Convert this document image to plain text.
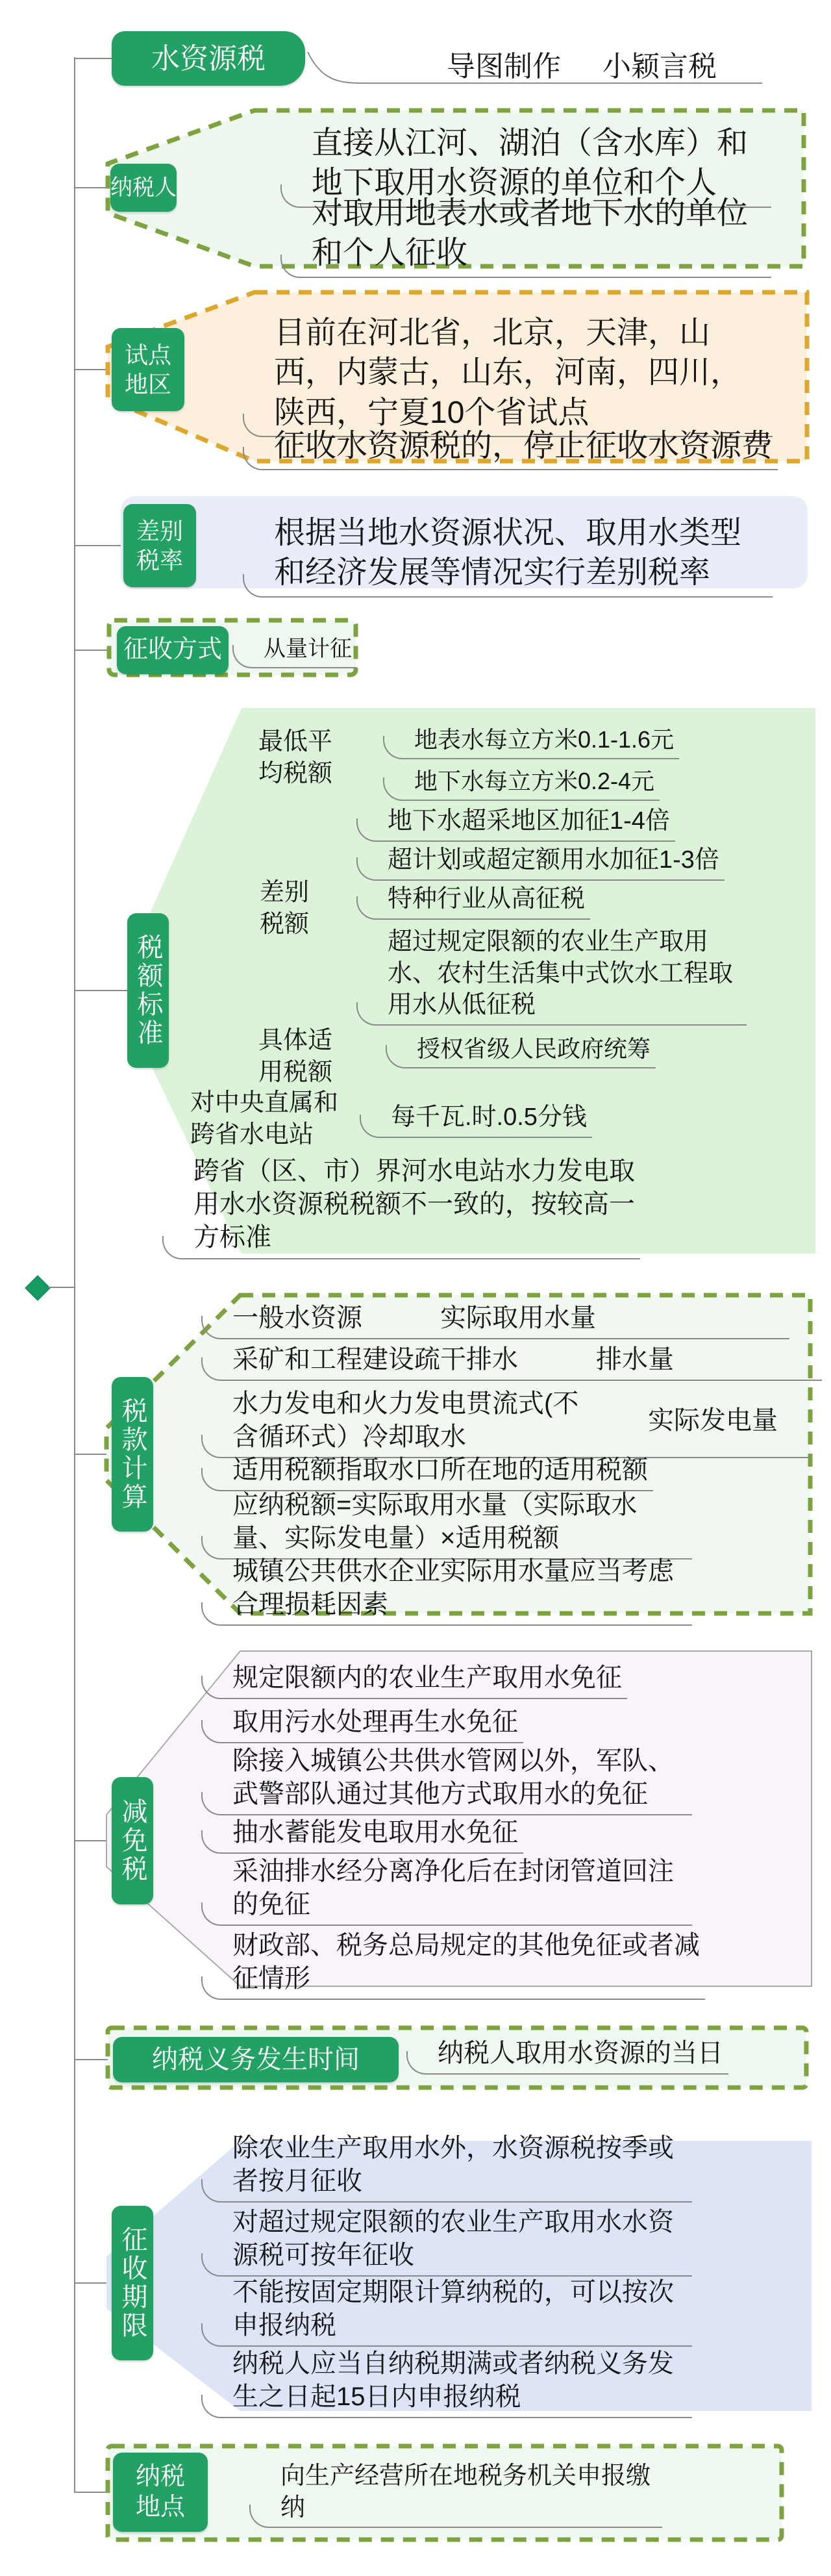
水资源税	导图制作 小颖言税
纳税人
直接从江河、湖泊（含水库）和地下取用水资源的单位和个人
对取用地表水或者地下水的单位和个人征收
试点地区
目前在河北省，北京，天津，山西，内蒙古，山东，河南，四川，陕西，宁夏10个省试点
征收水资源税的，停止征收水资源费
差别税率
根据当地水资源状况、取用水类型和经济发展等情况实行差别税率
征收方式 从量计征
税额标准
最低平均税额
地表水每立方米0.1-1.6元
地下水每立方米0.2-4元
差别税额
地下水超采地区加征1-4倍
超计划或超定额用水加征1-3倍
特种行业从高征税
超过规定限额的农业生产取用水、农村生活集中式饮水工程取用水从低征税
具体适用税额
授权省级人民政府统筹
对中央直属和跨省水电站
每千瓦.时.0.5分钱
跨省（区、市）界河水电站水力发电取用水水资源税税额不一致的，按较高一方标准
税款计算
一般水资源	实际取用水量
采矿和工程建设疏干排水	排水量
水力发电和火力发电贯流式(不含循环式）冷却取水
实际发电量
适用税额指取水口所在地的适用税额
应纳税额=实际取用水量（实际取水量、实际发电量）×适用税额
城镇公共供水企业实际用水量应当考虑合理损耗因素
减免税
规定限额内的农业生产取用水免征
取用污水处理再生水免征
除接入城镇公共供水管网以外，军队、武警部队通过其他方式取用水的免征
抽水蓄能发电取用水免征
采油排水经分离净化后在封闭管道回注的免征
财政部、税务总局规定的其他免征或者减征情形
纳税义务发生时间	纳税人取用水资源的当日
征收期限
除农业生产取用水外，水资源税按季或者按月征收
对超过规定限额的农业生产取用水水资源税可按年征收
不能按固定期限计算纳税的，可以按次申报纳税
纳税人应当自纳税期满或者纳税义务发生之日起15日内申报纳税
纳税地点
向生产经营所在地税务机关申报缴纳
